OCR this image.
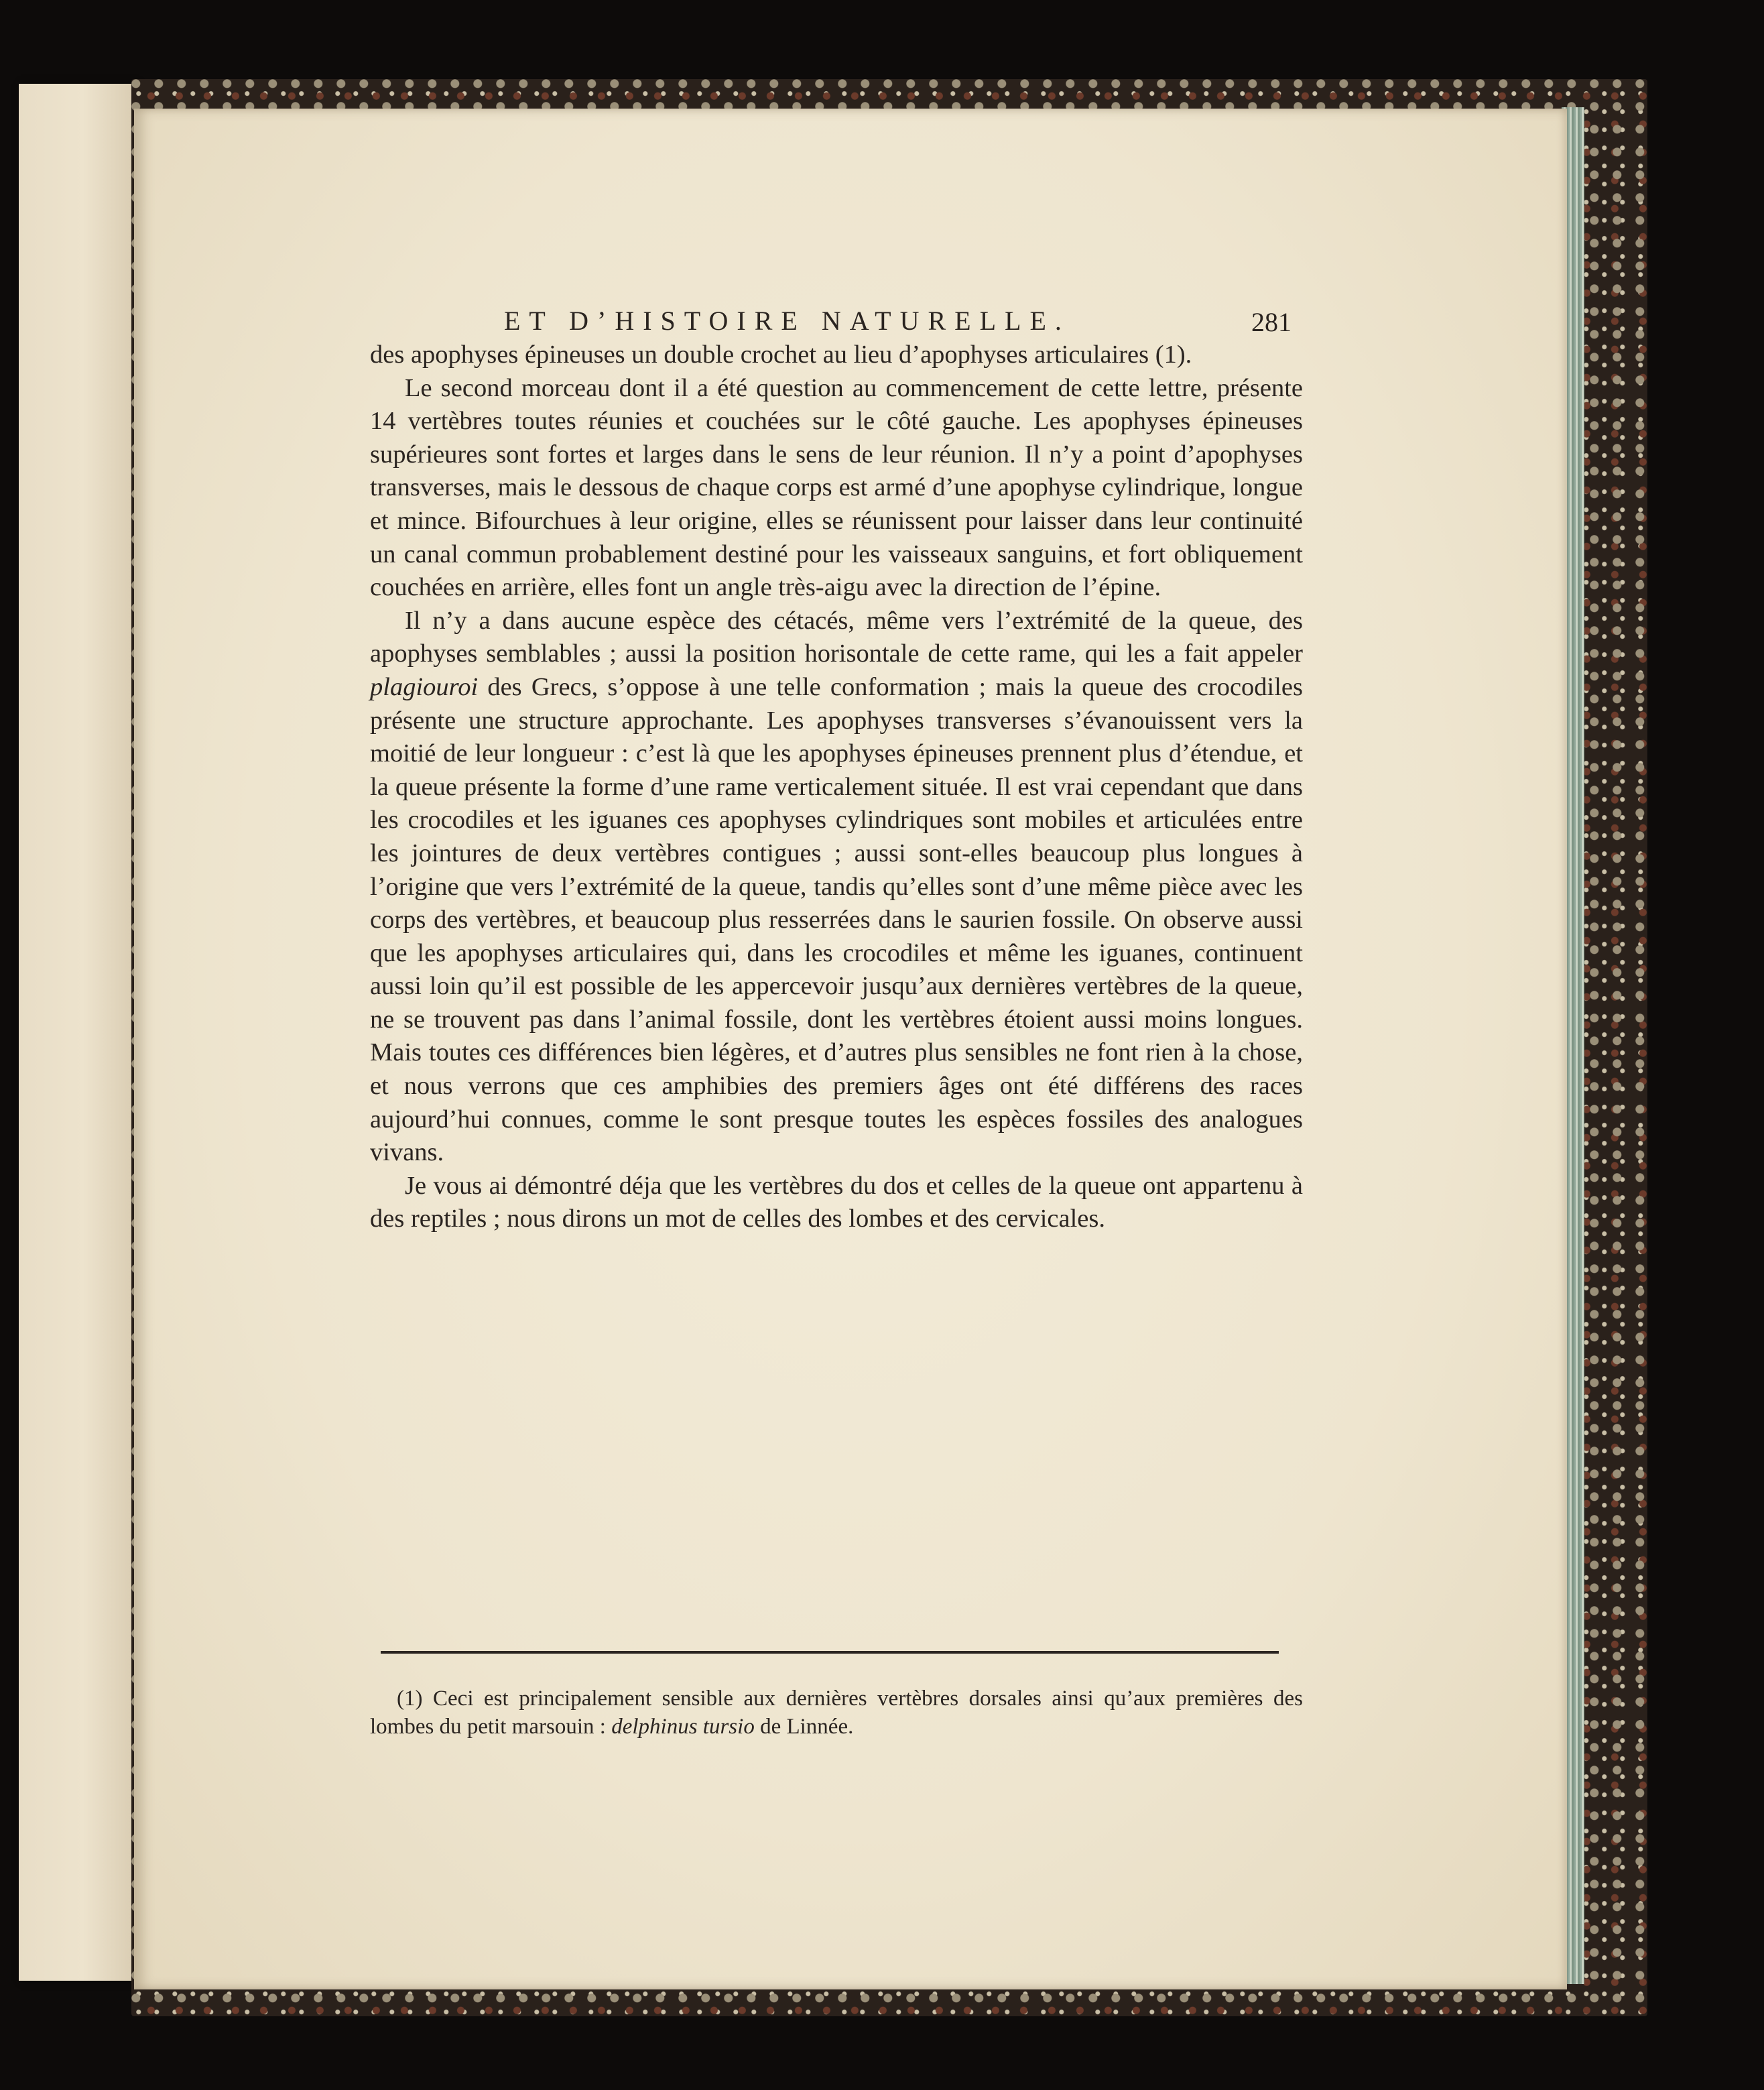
ET D’HISTOIRE NATURELLE.	281

des apophyses épineuses un double crochet au lieu d’apophyses articulaires (1).

Le second morceau dont il a été question au commencement de cette lettre, présente 14 vertèbres toutes réunies et couchées sur le côté gauche. Les apophyses épineuses supérieures sont fortes et larges dans le sens de leur réunion. Il n’y a point d’apophyses transverses, mais le dessous de chaque corps est armé d’une apophyse cylindrique, longue et mince. Bifourchues à leur origine, elles se réunissent pour laisser dans leur continuité un canal commun probablement destiné pour les vaisseaux sanguins, et fort obliquement couchées en arrière, elles font un angle très-aigu avec la direction de l’épine.

Il n’y a dans aucune espèce des cétacés, même vers l’extrémité de la queue, des apophyses semblables ; aussi la position horisontale de cette rame, qui les a fait appeler plagiouroi des Grecs, s’oppose à une telle conformation ; mais la queue des crocodiles présente une structure approchante. Les apophyses transverses s’évanouissent vers la moitié de leur longueur : c’est là que les apophyses épineuses prennent plus d’étendue, et la queue présente la forme d’une rame verticalement située. Il est vrai cependant que dans les crocodiles et les iguanes ces apophyses cylindriques sont mobiles et articulées entre les jointures de deux vertèbres contigues ; aussi sont-elles beaucoup plus longues à l’origine que vers l’extrémité de la queue, tandis qu’elles sont d’une même pièce avec les corps des vertèbres, et beaucoup plus resserrées dans le saurien fossile. On observe aussi que les apophyses articulaires qui, dans les crocodiles et même les iguanes, continuent aussi loin qu’il est possible de les appercevoir jusqu’aux dernières vertèbres de la queue, ne se trouvent pas dans l’animal fossile, dont les vertèbres étoient aussi moins longues. Mais toutes ces différences bien légères, et d’autres plus sensibles ne font rien à la chose, et nous verrons que ces amphibies des premiers âges ont été différens des races aujourd’hui connues, comme le sont presque toutes les espèces fossiles des analogues vivans.

Je vous ai démontré déja que les vertèbres du dos et celles de la queue ont appartenu à des reptiles ; nous dirons un mot de celles des lombes et des cervicales.

(1) Ceci est principalement sensible aux dernières vertèbres dorsales ainsi qu’aux premières des lombes du petit marsouin : delphinus tursio de Linnée.
